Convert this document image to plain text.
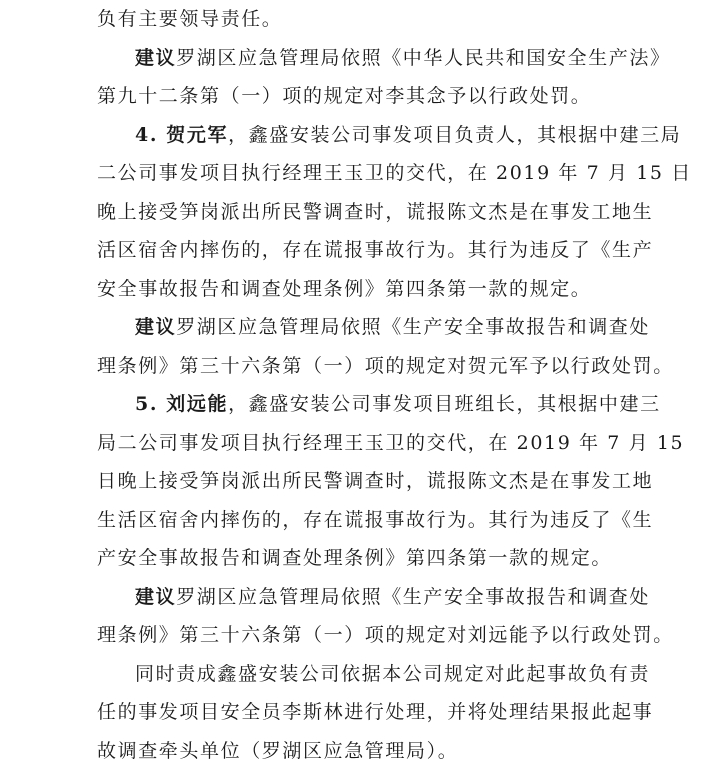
负有主要领导责任。
建议罗湖区应急管理局依照《中华人民共和国安全生产法》
第九十二条第（一）项的规定对李其念予以行政处罚。
4. 贺元军，鑫盛安装公司事发项目负责人，其根据中建三局
二公司事发项目执行经理王玉卫的交代，在 2019 年 7 月 15 日
晚上接受笋岗派出所民警调查时，谎报陈文杰是在事发工地生
活区宿舍内摔伤的，存在谎报事故行为。其行为违反了《生产
安全事故报告和调查处理条例》第四条第一款的规定。
建议罗湖区应急管理局依照《生产安全事故报告和调查处
理条例》第三十六条第（一）项的规定对贺元军予以行政处罚。
5. 刘远能，鑫盛安装公司事发项目班组长，其根据中建三
局二公司事发项目执行经理王玉卫的交代，在 2019 年 7 月 15
日晚上接受笋岗派出所民警调查时，谎报陈文杰是在事发工地
生活区宿舍内摔伤的，存在谎报事故行为。其行为违反了《生
产安全事故报告和调查处理条例》第四条第一款的规定。
建议罗湖区应急管理局依照《生产安全事故报告和调查处
理条例》第三十六条第（一）项的规定对刘远能予以行政处罚。
同时责成鑫盛安装公司依据本公司规定对此起事故负有责
任的事发项目安全员李斯林进行处理，并将处理结果报此起事
故调查牵头单位（罗湖区应急管理局）。
